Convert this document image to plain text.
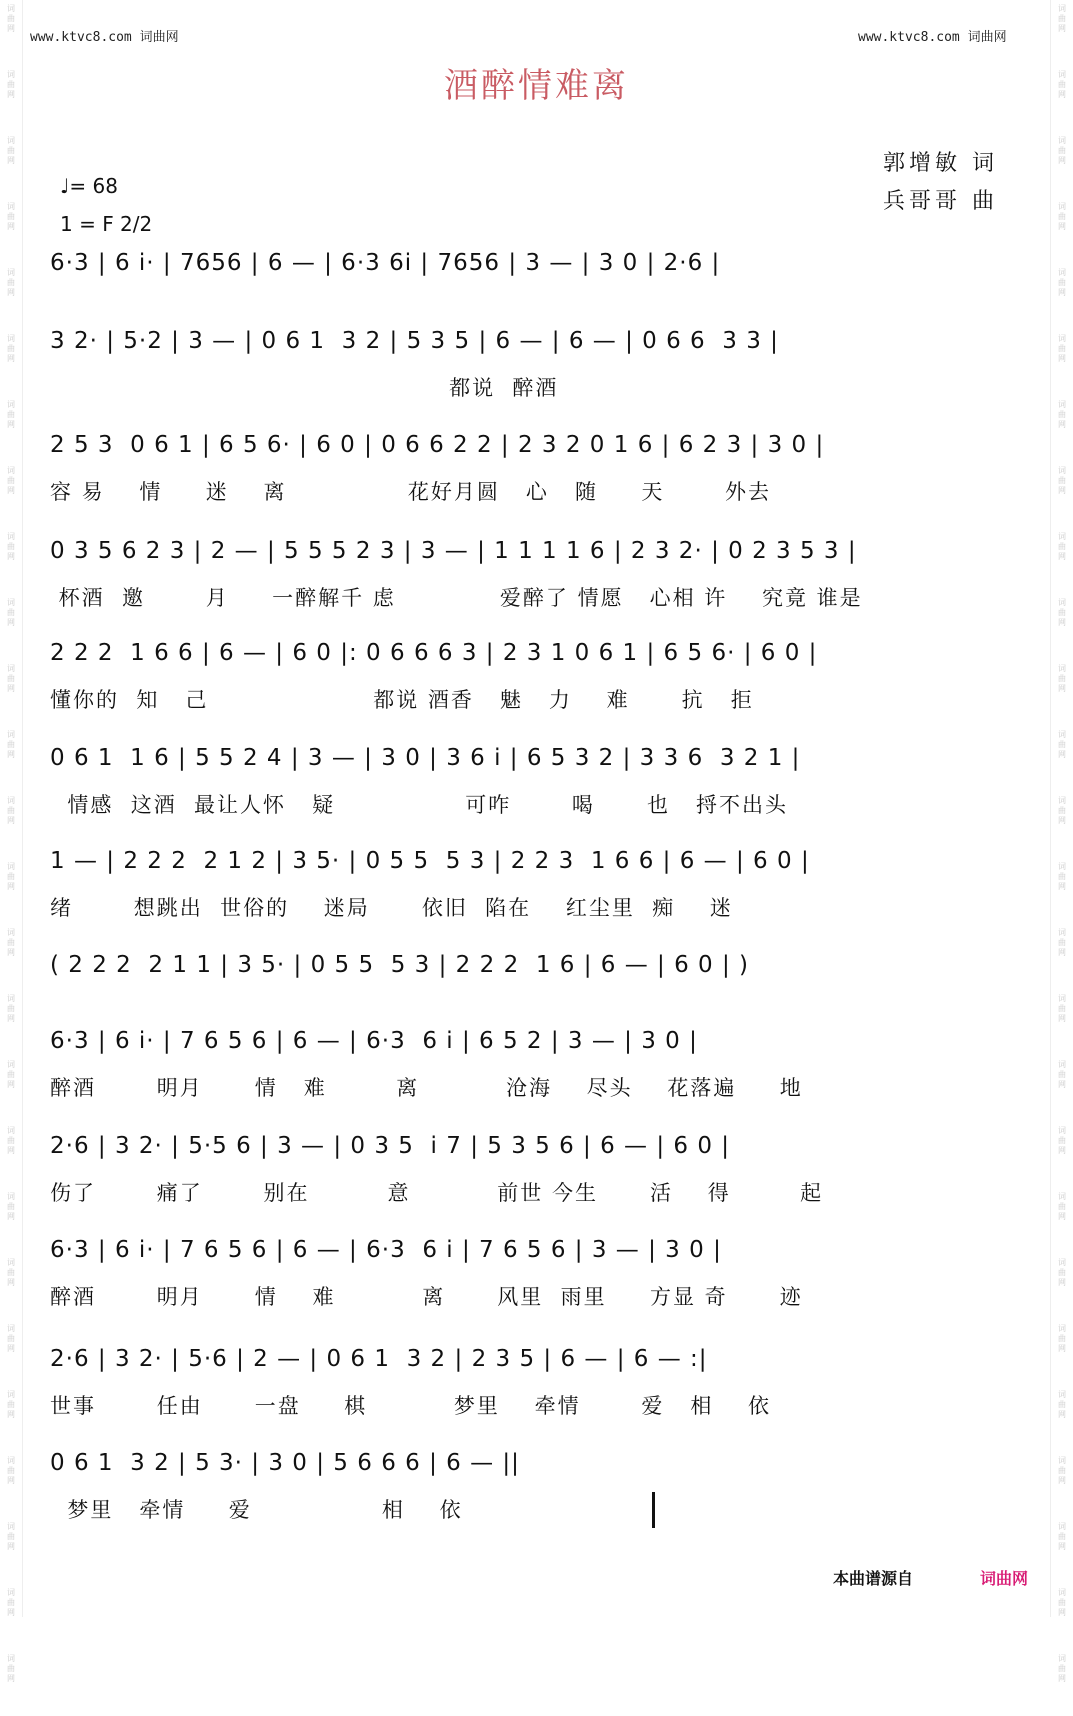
词
曲
网
词
曲
网
词
曲
网
词
曲
网
词
曲
网
词
曲
网
词
曲
网
词
曲
网
词
曲
网
词
曲
网
词
曲
网
词
曲
网
词
曲
网
词
曲
网
词
曲
网
词
曲
网
词
曲
网
词
曲
网
词
曲
网
词
曲
网
词
曲
网
词
曲
网
词
曲
网
词
曲
网
词
曲
网
词
曲
网
词
曲
网
词
曲
网
词
曲
网
词
曲
网
词
曲
网
词
曲
网
词
曲
网
词
曲
网
词
曲
网
词
曲
网
词
曲
网
词
曲
网
词
曲
网
词
曲
网
词
曲
网
词
曲
网
词
曲
网
词
曲
网
词
曲
网
词
曲
网
词
曲
网
词
曲
网
词
曲
网
词
曲
网
词
曲
网
词
曲
网
www.ktvc8.com 词曲网	www.ktvc8.com 词曲网
酒醉情难离
郭增敏 词
兵哥哥 曲
♩= 68
1 = F 2/2
6·3 | 6 i· | 7656 | 6 — | 6·3 6i | 7656 | 3 — | 3 0 | 2·6 |
3 2· | 5·2 | 3 — | 0 6 1  3 2 | 5 3 5 | 6 — | 6 — | 0 6 6  3 3 |
都说  醉酒
2 5 3  0 6 1 | 6 5 6· | 6 0 | 0 6 6 2 2 | 2 3 2 0 1 6 | 6 2 3 | 3 0 |
容 易    情     迷    离              花好月圆   心   随     天       外去
0 3 5 6 2 3 | 2 — | 5 5 5 2 3 | 3 — | 1 1 1 1 6 | 2 3 2· | 0 2 3 5 3 |
杯酒  邀       月     一醉解千 虑            爱醉了 情愿   心相 许    究竟 谁是
2 2 2  1 6 6 | 6 — | 6 0 |: 0 6 6 6 3 | 2 3 1 0 6 1 | 6 5 6· | 6 0 |
懂你的  知   己                   都说 酒香   魅   力    难      抗   拒
0 6 1  1 6 | 5 5 2 4 | 3 — | 3 0 | 3 6 i | 6 5 3 2 | 3 3 6  3 2 1 |
情感  这酒  最让人怀   疑               可咋       喝      也   捋不出头
1 — | 2 2 2  2 1 2 | 3 5· | 0 5 5  5 3 | 2 2 3  1 6 6 | 6 — | 6 0 |
绪       想跳出  世俗的    迷局      依旧  陷在    红尘里  痴    迷
( 2 2 2  2 1 1 | 3 5· | 0 5 5  5 3 | 2 2 2  1 6 | 6 — | 6 0 | )
6·3 | 6 i· | 7 6 5 6 | 6 — | 6·3  6 i | 6 5 2 | 3 — | 3 0 |
醉酒       明月      情   难        离          沧海    尽头    花落遍     地
2·6 | 3 2· | 5·5 6 | 3 — | 0 3 5  i 7 | 5 3 5 6 | 6 — | 6 0 |
伤了       痛了       别在         意          前世 今生      活    得        起
6·3 | 6 i· | 7 6 5 6 | 6 — | 6·3  6 i | 7 6 5 6 | 3 — | 3 0 |
醉酒       明月      情    难          离      风里  雨里     方显 奇      迹
2·6 | 3 2· | 5·6 | 2 — | 0 6 1  3 2 | 2 3 5 | 6 — | 6 — :|
世事       任由      一盘     棋          梦里    牵情       爱   相    依
0 6 1  3 2 | 5 3· | 3 0 | 5 6 6 6 | 6 — ||
梦里   牵情     爱               相    依
本曲谱源自	词曲网
